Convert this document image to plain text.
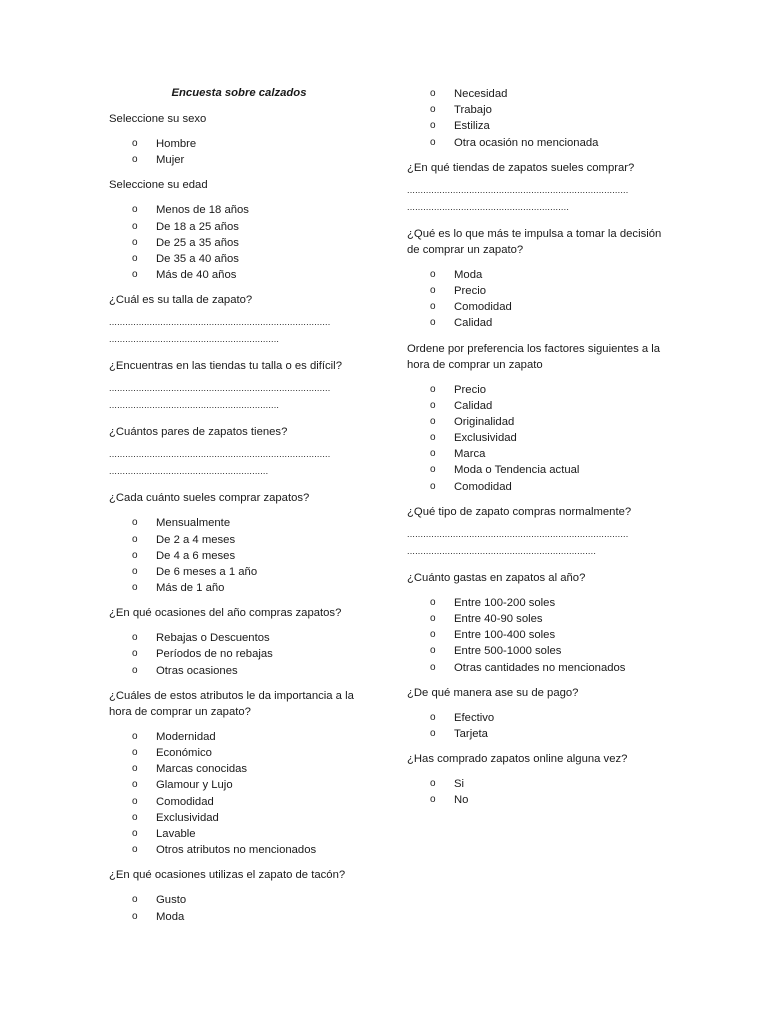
Encuesta sobre calzados
Seleccione su sexo
o	Hombre
o	Mujer
Seleccione su edad
o	Menos de 18 años
o	De 18 a 25 años
o	De 25 a 35 años
o	De 35 a 40 años
o	Más de 40 años
¿Cuál es su talla de zapato?
..................................................................................
...............................................................
¿Encuentras en las tiendas tu talla o es difícil?
..................................................................................
...............................................................
¿Cuántos pares de zapatos tienes?
..................................................................................
...........................................................
¿Cada cuánto sueles comprar zapatos?
o	Mensualmente
o	De 2 a 4 meses
o	De 4 a 6 meses
o	De 6 meses a 1 año
o	Más de 1 año
¿En qué ocasiones del año compras zapatos?
o	Rebajas o Descuentos
o	Períodos de no rebajas
o	Otras ocasiones
¿Cuáles de estos atributos le da importancia a la hora de comprar un zapato?
o	Modernidad
o	Económico
o	Marcas conocidas
o	Glamour y Lujo
o	Comodidad
o	Exclusividad
o	Lavable
o	Otros atributos no mencionados
¿En qué ocasiones utilizas el zapato de tacón?
o	Gusto
o	Moda
o	Necesidad
o	Trabajo
o	Estiliza
o	Otra ocasión no mencionada
¿En qué tiendas de zapatos sueles comprar?
..................................................................................
............................................................
¿Qué es lo que más te impulsa a tomar la decisión de comprar un zapato?
o	Moda
o	Precio
o	Comodidad
o	Calidad
Ordene por preferencia los factores siguientes a la hora de comprar un zapato
o	Precio
o	Calidad
o	Originalidad
o	Exclusividad
o	Marca
o	Moda o Tendencia actual
o	Comodidad
¿Qué tipo de zapato compras normalmente?
..................................................................................
......................................................................
¿Cuánto gastas en zapatos al año?
o	Entre 100-200 soles
o	Entre 40-90 soles
o	Entre 100-400 soles
o	Entre 500-1000 soles
o	Otras cantidades no mencionados
¿De qué manera ase su de pago?
o	Efectivo
o	Tarjeta
¿Has comprado zapatos online alguna vez?
o	Si
o	No
